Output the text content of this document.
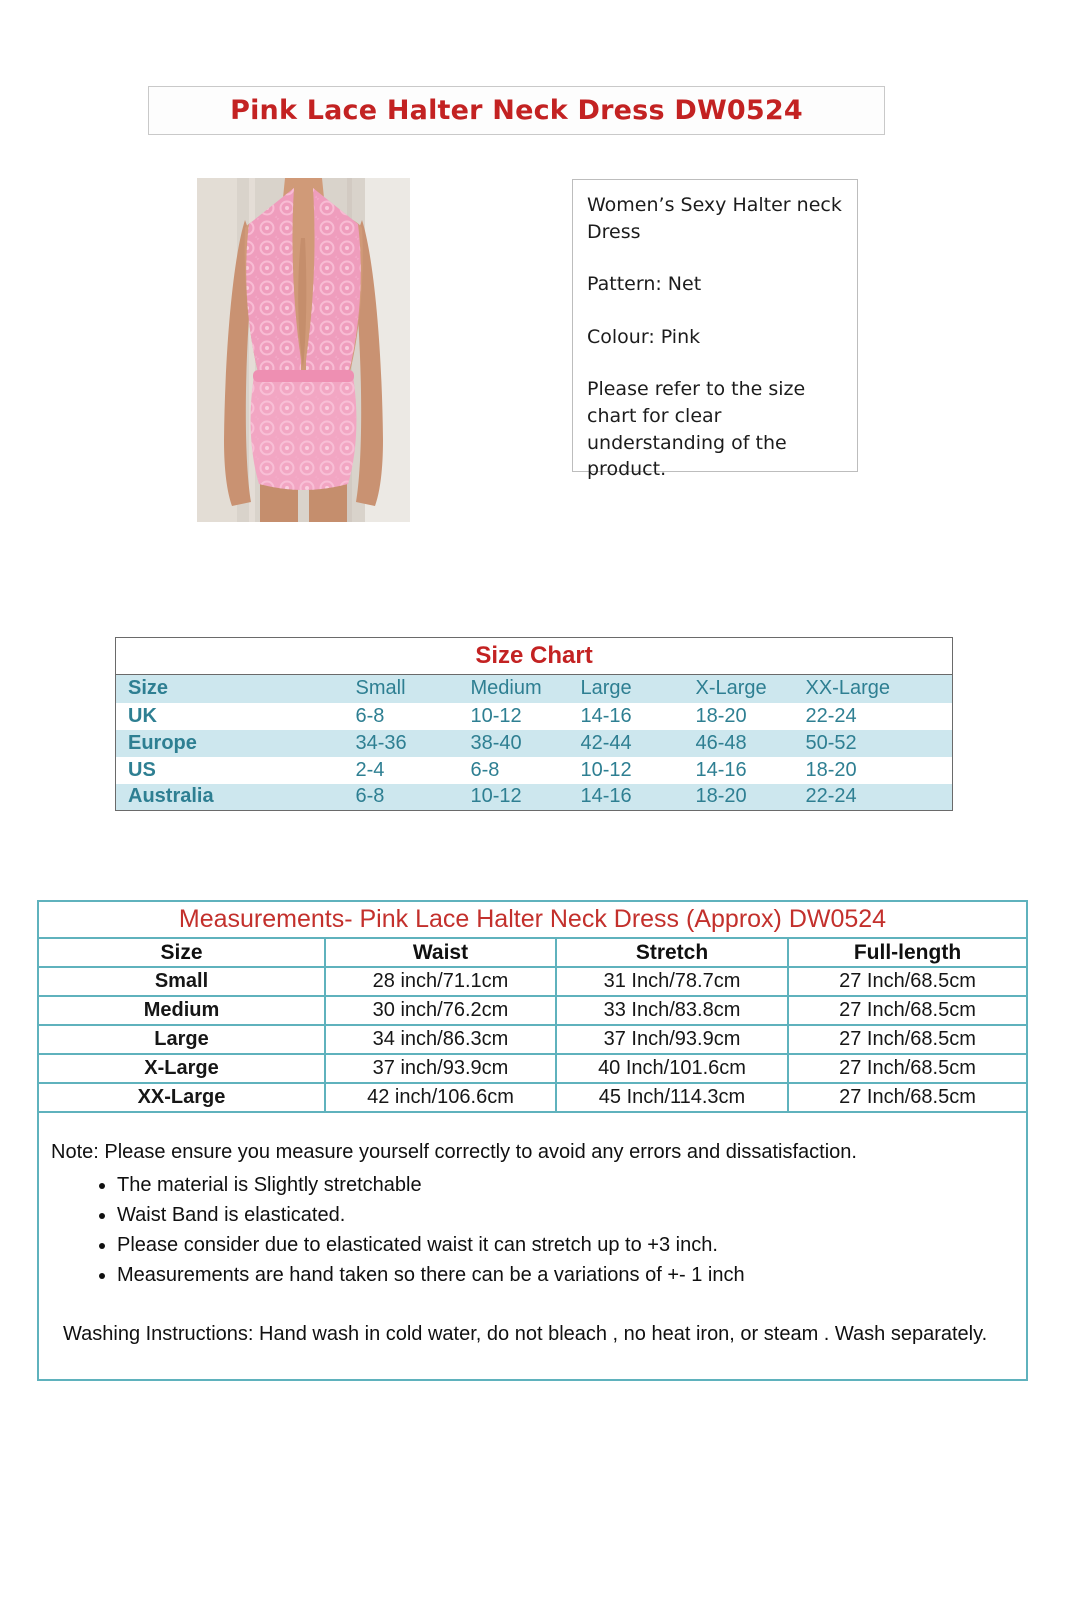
Pink Lace Halter Neck Dress DW0524

Women’s Sexy Halter neck Dress

Pattern: Net

Colour: Pink

Please refer to the size chart for clear understanding of the product.

Size Chart					
Size	Small	Medium	Large	X-Large	XX-Large
UK	6-8	10-12	14-16	18-20	22-24
Europe	34-36	38-40	42-44	46-48	50-52
US	2-4	6-8	10-12	14-16	18-20
Australia	6-8	10-12	14-16	18-20	22-24
Measurements- Pink Lace Halter Neck Dress (Approx) DW0524
Size	Waist	Stretch	Full-length
Small	28 inch/71.1cm	31 Inch/78.7cm	27 Inch/68.5cm
Medium	30 inch/76.2cm	33 Inch/83.8cm	27 Inch/68.5cm
Large	34 inch/86.3cm	37 Inch/93.9cm	27 Inch/68.5cm
X-Large	37 inch/93.9cm	40 Inch/101.6cm	27 Inch/68.5cm
XX-Large	42 inch/106.6cm	45 Inch/114.3cm	27 Inch/68.5cm

Note: Please ensure you measure yourself correctly to avoid any errors and dissatisfaction.

• The material is Slightly stretchable
• Waist Band is elasticated.
• Please consider due to elasticated waist it can stretch up to +3 inch.
• Measurements are hand taken so there can be a variations of +- 1 inch

Washing Instructions: Hand wash in cold water, do not bleach , no heat iron, or steam . Wash separately.
